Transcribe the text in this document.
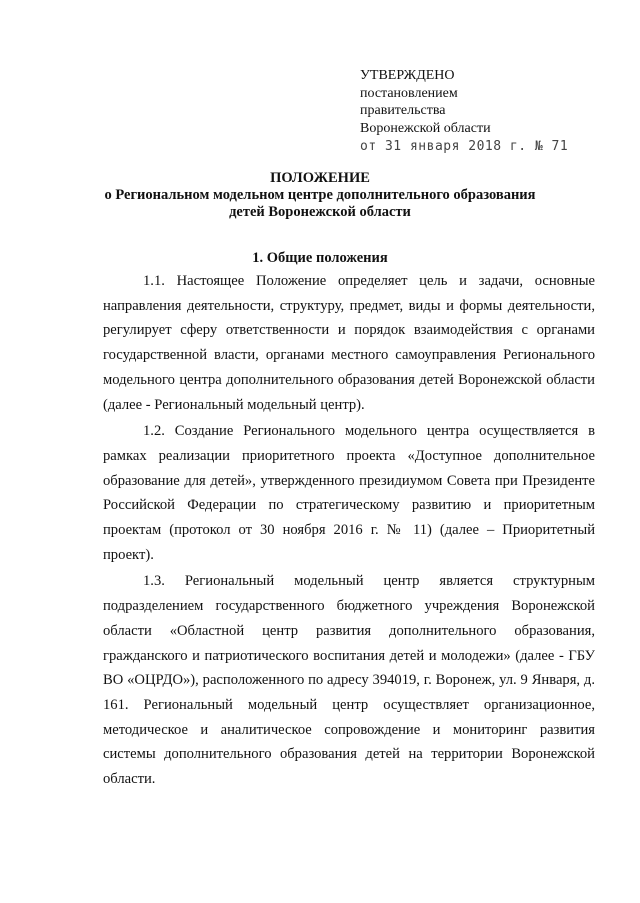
УТВЕРЖДЕНО
постановлением
правительства
Воронежской области
от 31 января 2018 г. № 71
ПОЛОЖЕНИЕ
о Региональном модельном центре дополнительного образования
детей Воронежской области
1. Общие положения

1.1. Настоящее Положение определяет цель и задачи, основные направления деятельности, структуру, предмет, виды и формы деятельности, регулирует сферу ответственности и порядок взаимодействия с органами государственной власти, органами местного самоуправления Регионального модельного центра дополнительного образования детей Воронежской области (далее - Региональный модельный центр).

1.2. Создание Регионального модельного центра осуществляется в рамках реализации приоритетного проекта «Доступное дополнительное образование для детей», утвержденного президиумом Совета при Президенте Российской Федерации по стратегическому развитию и приоритетным проектам (протокол от 30 ноября 2016 г. № 11) (далее – Приоритетный проект).

1.3. Региональный модельный центр является структурным подразделением государственного бюджетного учреждения Воронежской области «Областной центр развития дополнительного образования, гражданского и патриотического воспитания детей и молодежи» (далее - ГБУ ВО «ОЦРДО»), расположенного по адресу 394019, г. Воронеж, ул. 9 Января, д. 161. Региональный модельный центр осуществляет организационное, методическое и аналитическое сопровождение и мониторинг развития системы дополнительного образования детей на территории Воронежской области.
